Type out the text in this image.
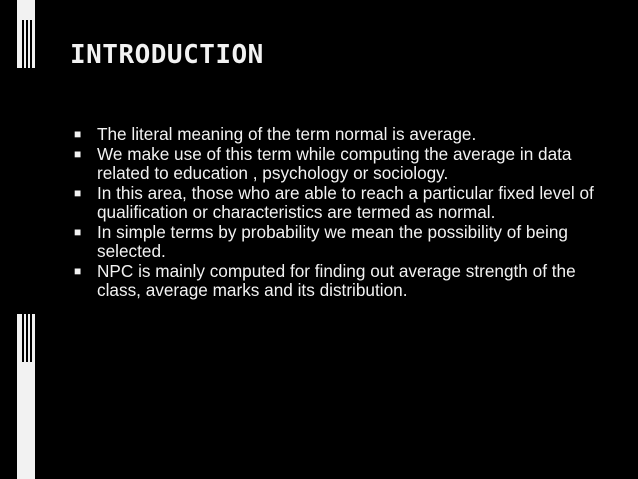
INTRODUCTION
■ The literal meaning of the term normal is average.
■ We make use of this term while computing the average in data related to education , psychology or sociology.
■ In this area, those who are able to reach a particular fixed level of qualification or characteristics are termed as normal.
■ In simple terms by probability we mean the possibility of being selected.
■ NPC is mainly computed for finding out average strength of the class, average marks and its distribution.
